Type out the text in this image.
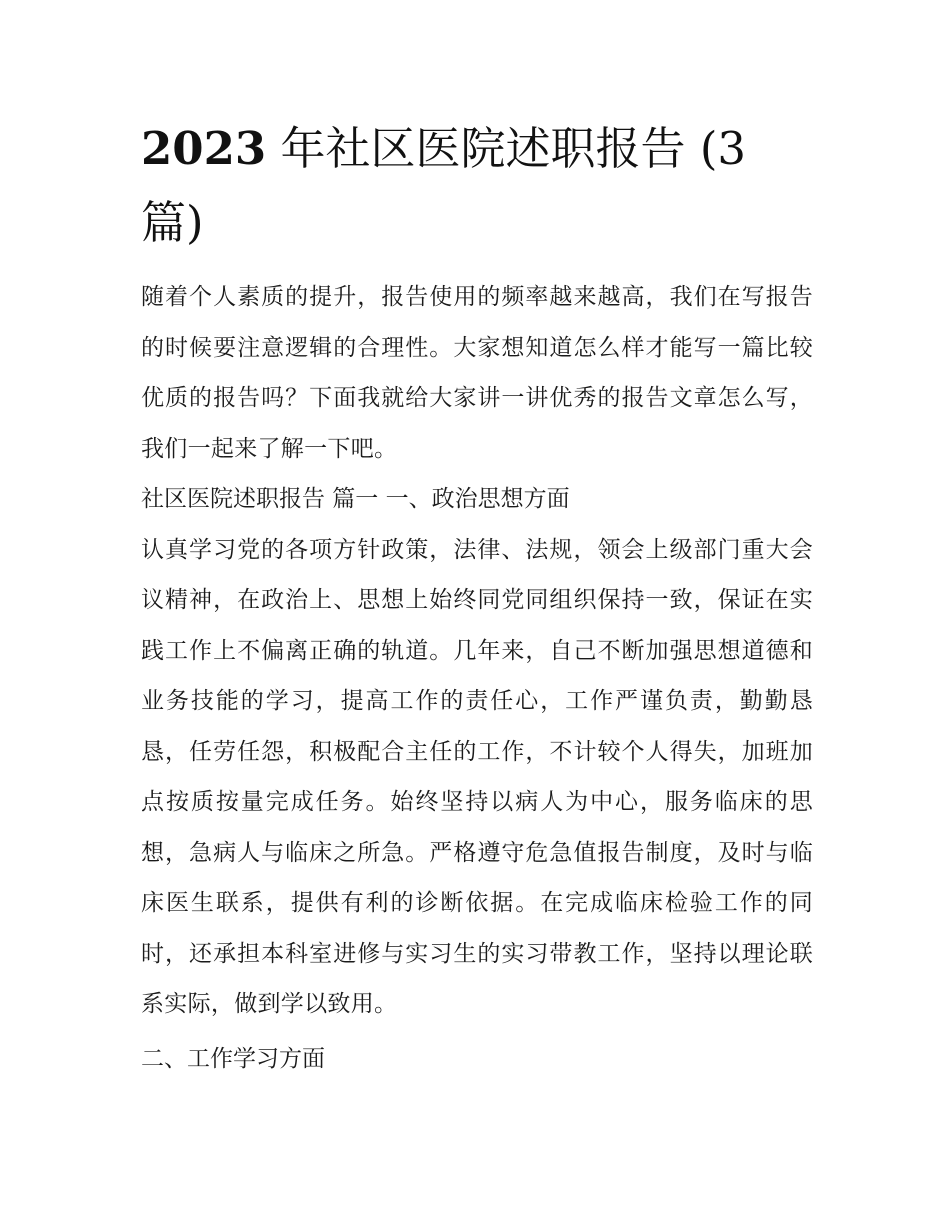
2023 年社区医院述职报告 (3 篇)

随着个人素质的提升，报告使用的频率越来越高，我们在写报告的时候要注意逻辑的合理性。大家想知道怎么样才能写一篇比较优质的报告吗？下面我就给大家讲一讲优秀的报告文章怎么写，我们一起来了解一下吧。

社区医院述职报告 篇一 一、政治思想方面

认真学习党的各项方针政策，法律、法规，领会上级部门重大会议精神，在政治上、思想上始终同党同组织保持一致，保证在实践工作上不偏离正确的轨道。几年来，自己不断加强思想道德和业务技能的学习，提高工作的责任心，工作严谨负责，勤勤恳恳，任劳任怨，积极配合主任的工作，不计较个人得失，加班加点按质按量完成任务。始终坚持以病人为中心，服务临床的思想，急病人与临床之所急。严格遵守危急值报告制度，及时与临床医生联系，提供有利的诊断依据。在完成临床检验工作的同时，还承担本科室进修与实习生的实习带教工作，坚持以理论联系实际，做到学以致用。

二、工作学习方面
